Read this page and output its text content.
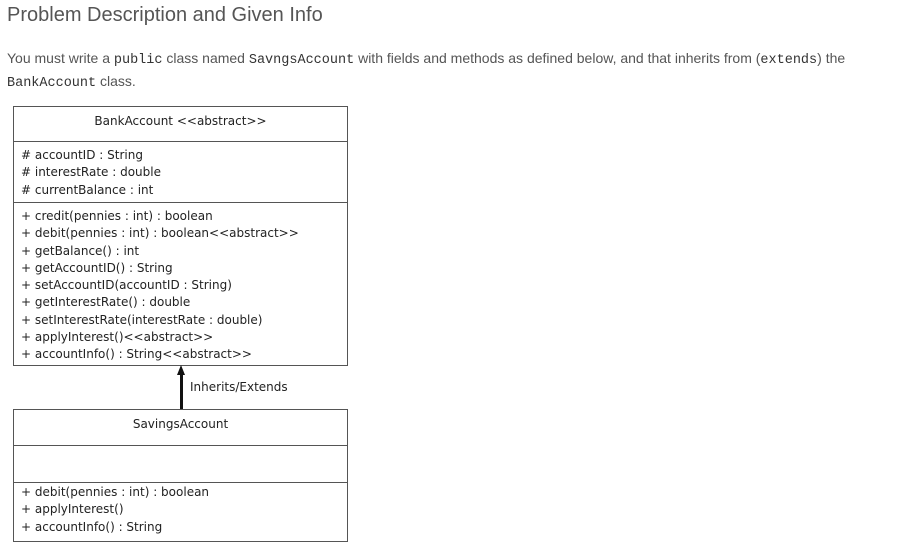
Problem Description and Given Info
You must write a public class named SavngsAccount with fields and methods as defined below, and that inherits from (extends) the BankAccount class.
BankAccount <<abstract>>
# accountID : String
# interestRate : double
# currentBalance : int
+ credit(pennies : int) : boolean
+ debit(pennies : int) : boolean<<abstract>>
+ getBalance() : int
+ getAccountID() : String
+ setAccountID(accountID : String)
+ getInterestRate() : double
+ setInterestRate(interestRate : double)
+ applyInterest()<<abstract>>
+ accountInfo() : String<<abstract>>
Inherits/Extends
SavingsAccount
+ debit(pennies : int) : boolean
+ applyInterest()
+ accountInfo() : String
